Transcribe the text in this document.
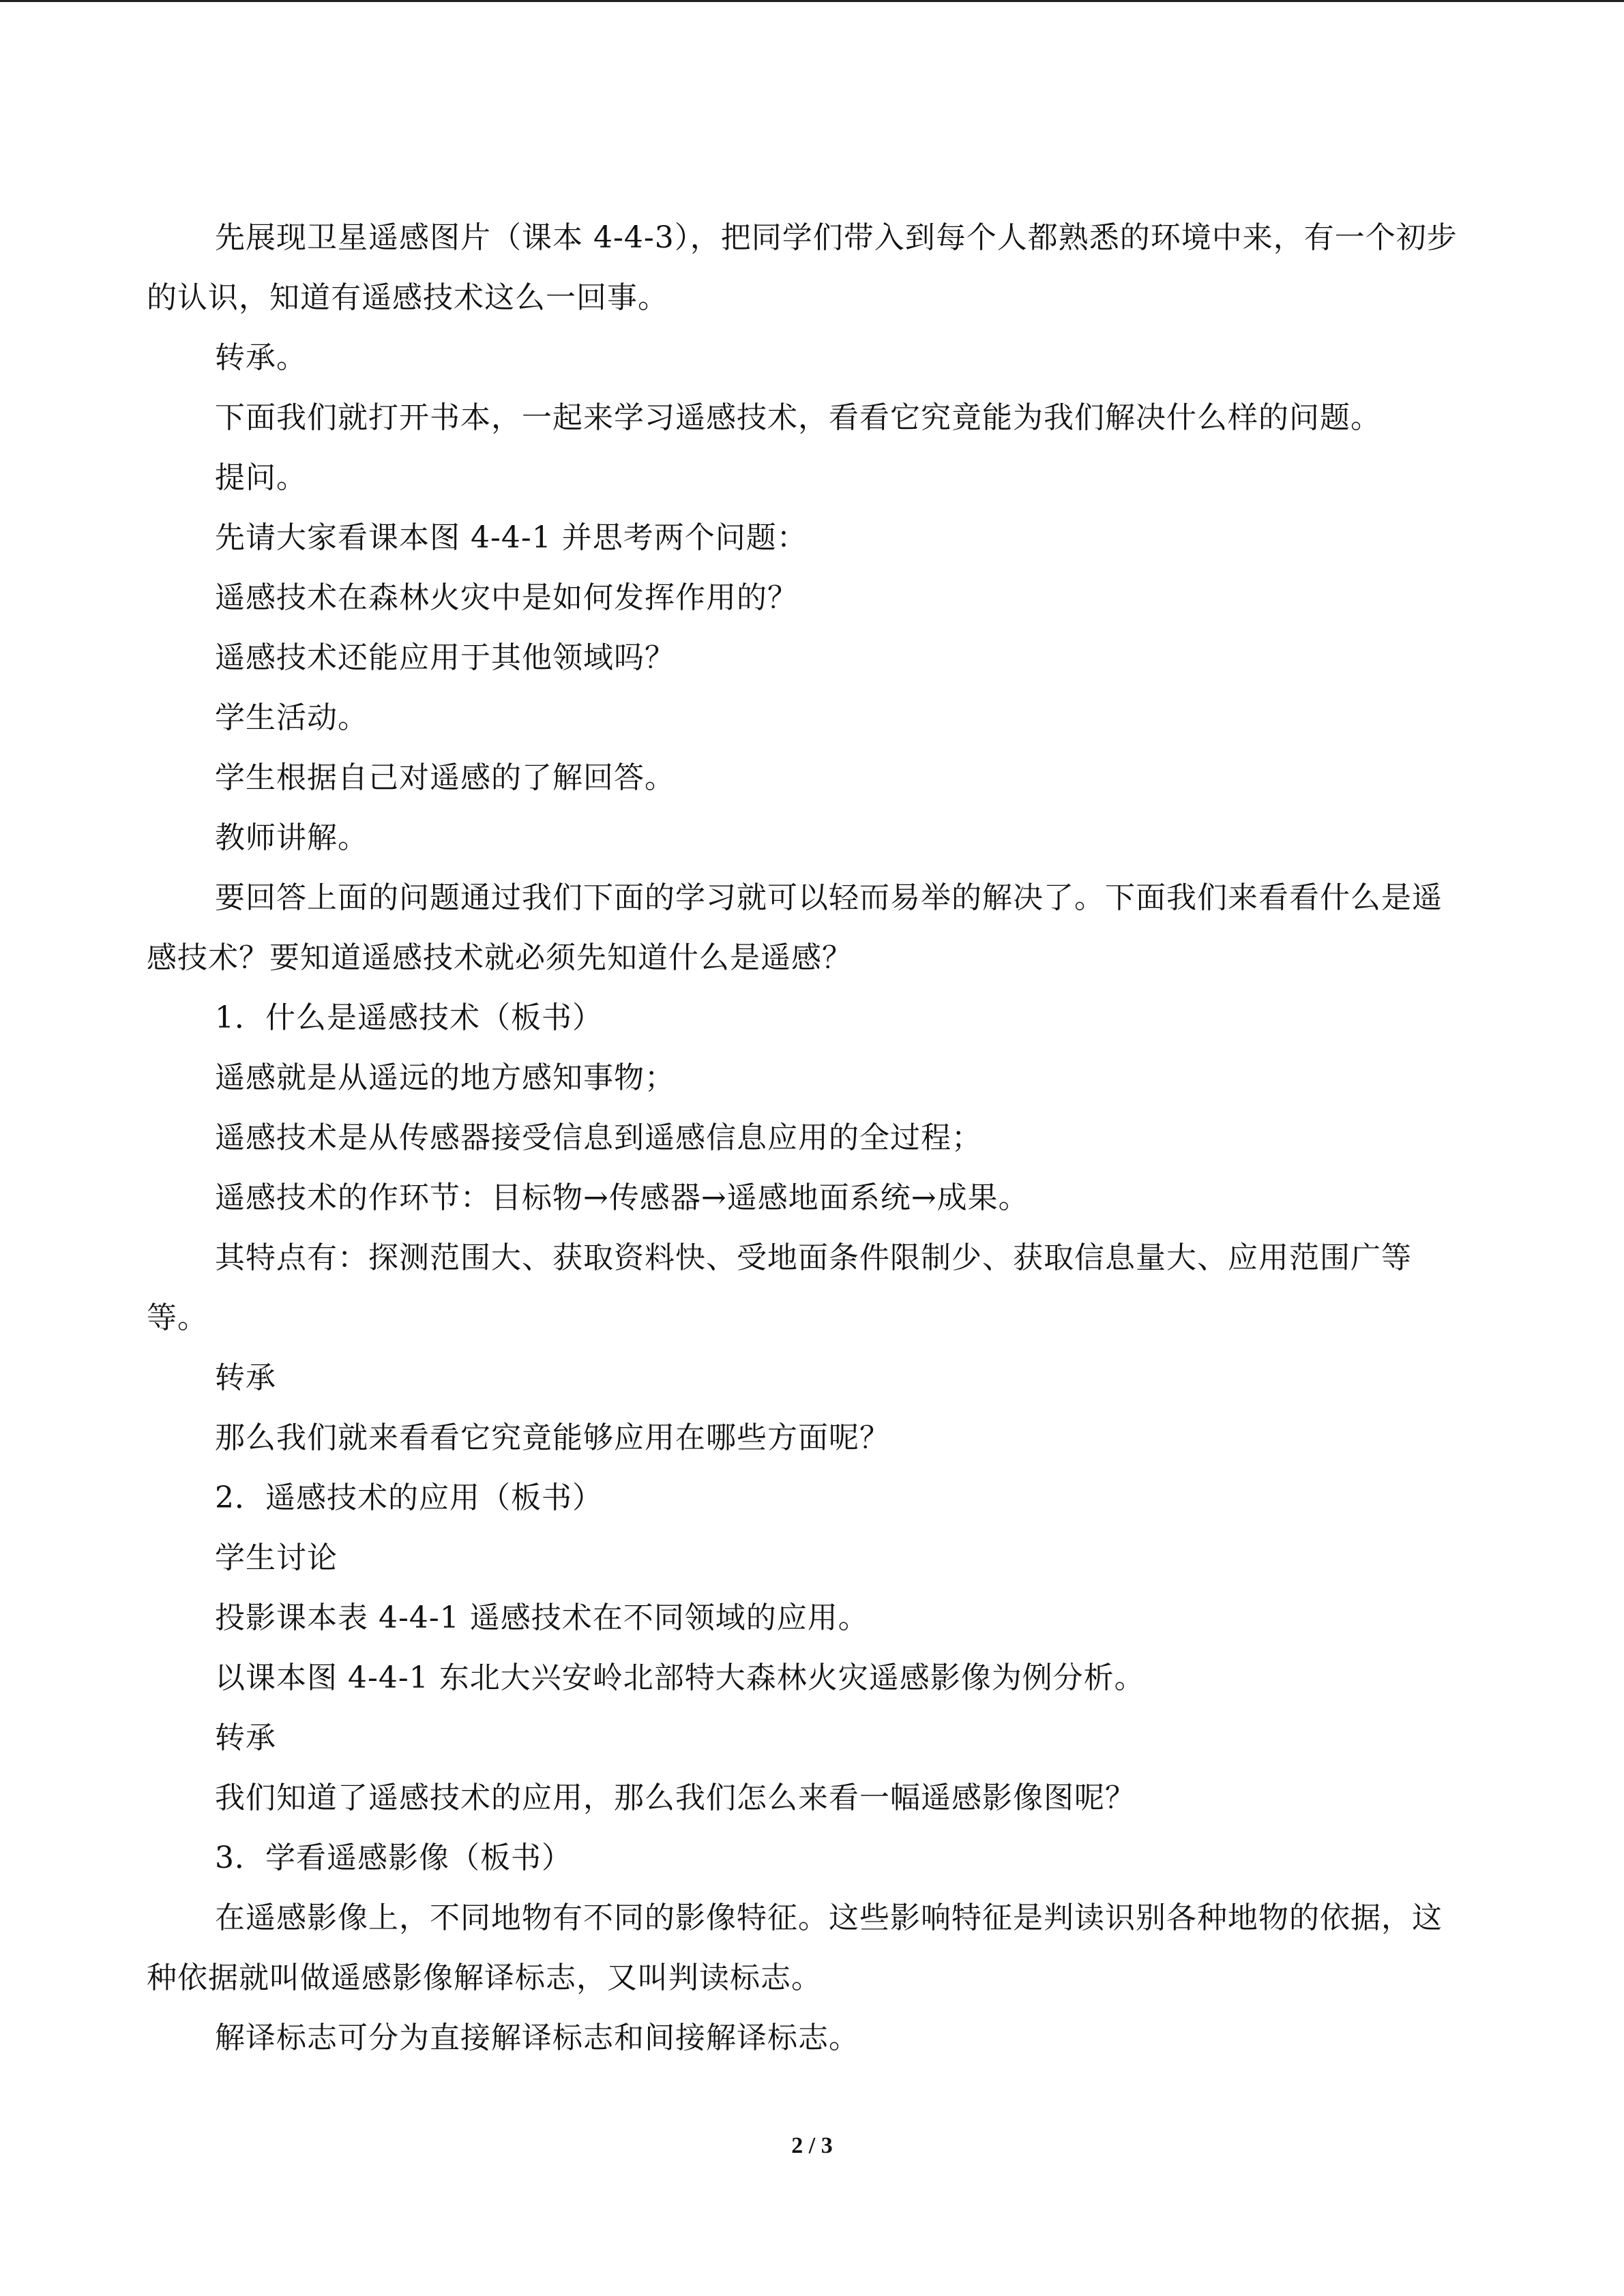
先展现卫星遥感图片（课本 4-4-3），把同学们带入到每个人都熟悉的环境中来，有一个初步的认识，知道有遥感技术这么一回事。

转承。

下面我们就打开书本，一起来学习遥感技术，看看它究竟能为我们解决什么样的问题。

提问。

先请大家看课本图 4-4-1 并思考两个问题：

遥感技术在森林火灾中是如何发挥作用的？

遥感技术还能应用于其他领域吗？

学生活动。

学生根据自己对遥感的了解回答。

教师讲解。

要回答上面的问题通过我们下面的学习就可以轻而易举的解决了。下面我们来看看什么是遥感技术？要知道遥感技术就必须先知道什么是遥感？

1．什么是遥感技术（板书）

遥感就是从遥远的地方感知事物；

遥感技术是从传感器接受信息到遥感信息应用的全过程；

遥感技术的作环节：目标物→传感器→遥感地面系统→成果。

其特点有：探测范围大、获取资料快、受地面条件限制少、获取信息量大、应用范围广等等。

转承

那么我们就来看看它究竟能够应用在哪些方面呢？

2．遥感技术的应用（板书）

学生讨论

投影课本表 4-4-1 遥感技术在不同领域的应用。

以课本图 4-4-1 东北大兴安岭北部特大森林火灾遥感影像为例分析。

转承

我们知道了遥感技术的应用，那么我们怎么来看一幅遥感影像图呢？

3．学看遥感影像（板书）

在遥感影像上，不同地物有不同的影像特征。这些影响特征是判读识别各种地物的依据，这种依据就叫做遥感影像解译标志，又叫判读标志。

解译标志可分为直接解译标志和间接解译标志。

2 / 3
